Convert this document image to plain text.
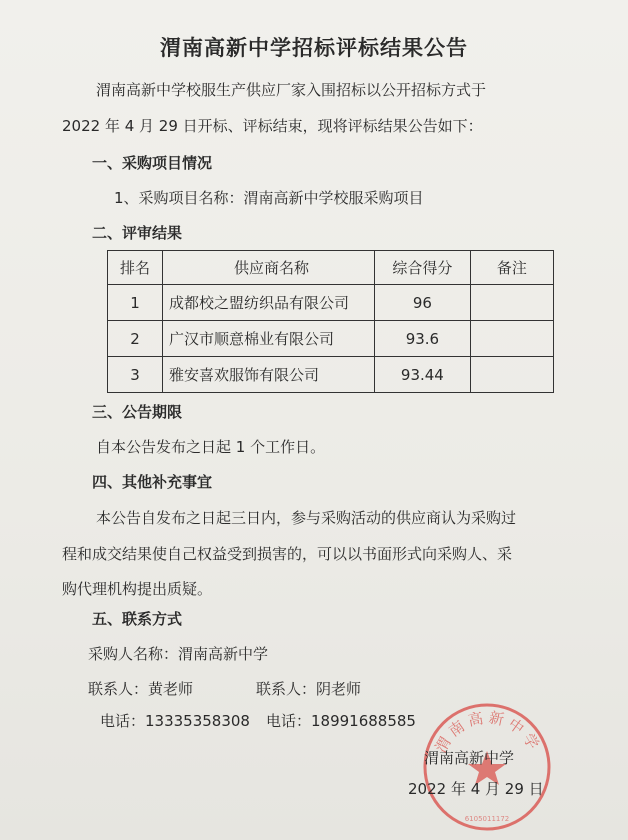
渭南高新中学招标评标结果公告
渭南高新中学校服生产供应厂家入围招标以公开招标方式于
2022 年 4 月 29 日开标、评标结束，现将评标结果公告如下：
一、采购项目情况
1、采购项目名称：渭南高新中学校服采购项目
二、评审结果
排名	供应商名称	综合得分	备注
1	成都校之盟纺织品有限公司	96	
2	广汉市顺意棉业有限公司	93.6	
3	雅安喜欢服饰有限公司	93.44	
三、公告期限
自本公告发布之日起 1 个工作日。
四、其他补充事宜
本公告自发布之日起三日内，参与采购活动的供应商认为采购过
程和成交结果使自己权益受到损害的，可以以书面形式向采购人、采
购代理机构提出质疑。
五、联系方式
采购人名称：渭南高新中学
联系人：黄老师	联系人：阴老师
电话：13335358308 电话：18991688585
渭南高新中学
6105011172
渭南高新中学
2022 年 4 月 29 日
